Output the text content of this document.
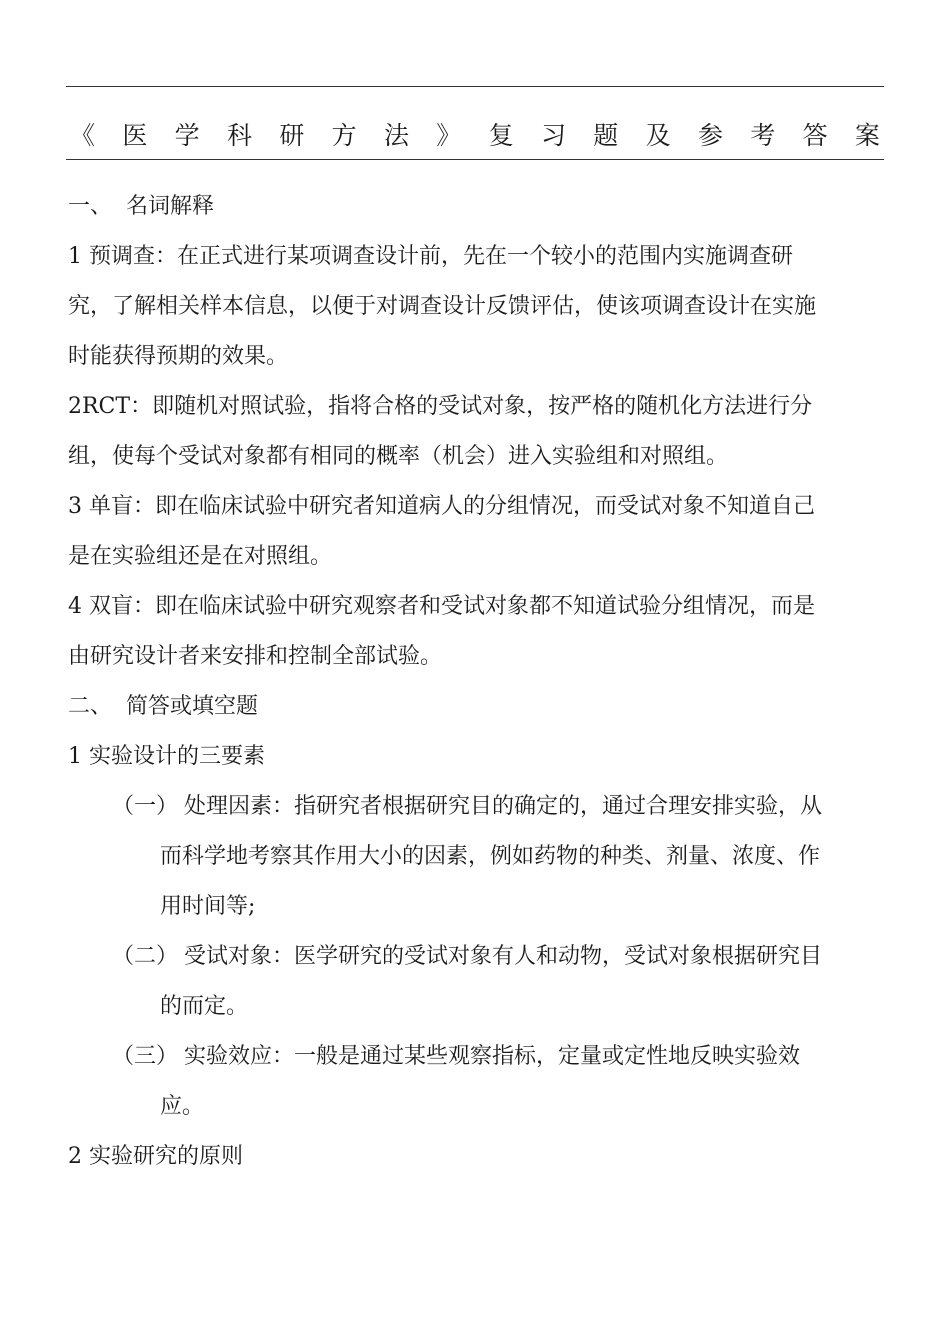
《 医 学 科 研 方 法 》 复 习 题 及 参 考 答 案
一、 名词解释
1 预调查：在正式进行某项调查设计前，先在一个较小的范围内实施调查研
究，了解相关样本信息，以便于对调查设计反馈评估，使该项调查设计在实施
时能获得预期的效果。
2RCT：即随机对照试验，指将合格的受试对象，按严格的随机化方法进行分
组，使每个受试对象都有相同的概率（机会）进入实验组和对照组。
3 单盲：即在临床试验中研究者知道病人的分组情况，而受试对象不知道自己
是在实验组还是在对照组。
4 双盲：即在临床试验中研究观察者和受试对象都不知道试验分组情况，而是
由研究设计者来安排和控制全部试验。
二、 简答或填空题
1 实验设计的三要素
（一） 处理因素：指研究者根据研究目的确定的，通过合理安排实验，从
而科学地考察其作用大小的因素，例如药物的种类、剂量、浓度、作
用时间等;
（二） 受试对象：医学研究的受试对象有人和动物，受试对象根据研究目
的而定。
（三） 实验效应：一般是通过某些观察指标，定量或定性地反映实验效
应。
2 实验研究的原则
